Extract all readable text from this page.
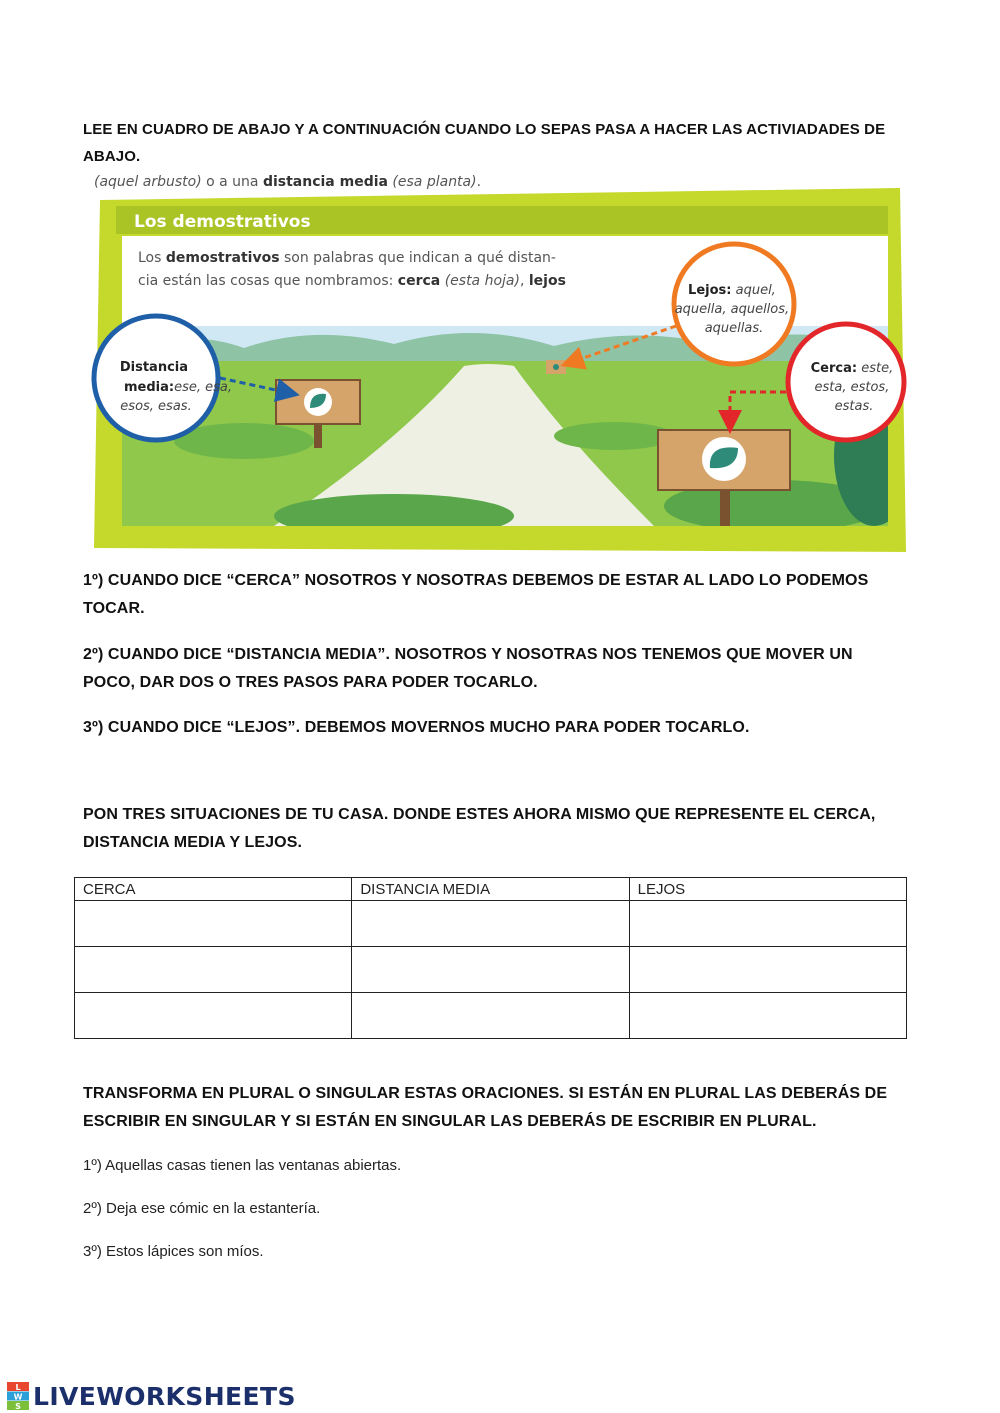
LEE EN CUADRO DE ABAJO Y A CONTINUACIÓN CUANDO LO SEPAS PASA A HACER LAS ACTIVIADADES DE ABAJO.
Los demostrativos
Los demostrativos son palabras que indican a qué distan-
cia están las cosas que nombramos: cerca (esta hoja), lejos
(aquel arbusto) o a una distancia media (esa planta).
Distancia media:ese, esa, esos, esas.
Lejos: aquel, aquella, aquellos, aquellas.
Cerca: este, esta, estos, estas.
1º) CUANDO DICE “CERCA” NOSOTROS Y NOSOTRAS DEBEMOS DE ESTAR AL LADO LO PODEMOS TOCAR.
2º) CUANDO DICE “DISTANCIA MEDIA”. NOSOTROS Y NOSOTRAS NOS TENEMOS QUE MOVER UN POCO, DAR DOS O TRES PASOS PARA PODER TOCARLO.
3º) CUANDO DICE “LEJOS”. DEBEMOS MOVERNOS MUCHO PARA PODER TOCARLO.
PON TRES SITUACIONES DE TU CASA. DONDE ESTES AHORA MISMO QUE REPRESENTE EL CERCA, DISTANCIA MEDIA Y LEJOS.
CERCA	DISTANCIA MEDIA	LEJOS

TRANSFORMA EN PLURAL O SINGULAR ESTAS ORACIONES. SI ESTÁN EN PLURAL LAS DEBERÁS DE ESCRIBIR EN SINGULAR Y SI ESTÁN EN SINGULAR LAS DEBERÁS DE ESCRIBIR EN PLURAL.
1º) Aquellas casas tienen las ventanas abiertas.
2º) Deja ese cómic en la estantería.
3º) Estos lápices son míos.
L
W
S LIVEWORKSHEETS
